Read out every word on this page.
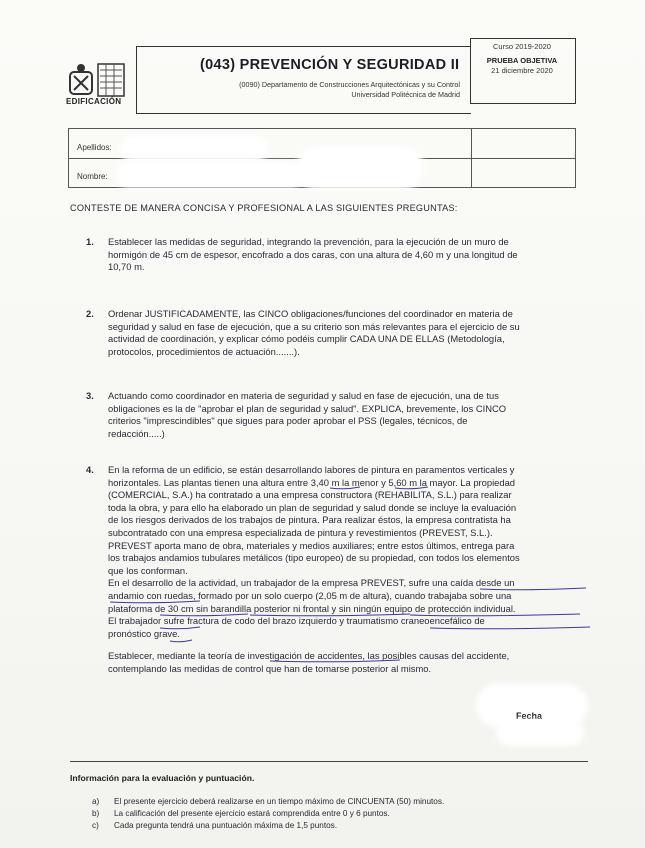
EDIFICACIÓN
(043) PREVENCIÓN Y SEGURIDAD II
(0090) Departamento de Construcciones Arquitectónicas y su Control
Universidad Politécnica de Madrid
Curso 2019-2020
PRUEBA OBJETIVA
21 diciembre 2020
Apellidos:
Nombre:
CONTESTE DE MANERA CONCISA Y PROFESIONAL A LAS SIGUIENTES PREGUNTAS:
1. Establecer las medidas de seguridad, integrando la prevención, para la ejecución de un muro de
hormigón de 45 cm de espesor, encofrado a dos caras, con una altura de 4,60 m y una longitud de
10,70 m.
2. Ordenar JUSTIFICADAMENTE, las CINCO obligaciones/funciones del coordinador en materia de
seguridad y salud en fase de ejecución, que a su criterio son más relevantes para el ejercicio de su
actividad de coordinación, y explicar cómo podéis cumplir CADA UNA DE ELLAS (Metodología,
protocolos, procedimientos de actuación.......).
3. Actuando como coordinador en materia de seguridad y salud en fase de ejecución, una de tus
obligaciones es la de "aprobar el plan de seguridad y salud". EXPLICA, brevemente, los CINCO
criterios "imprescindibles" que sigues para poder aprobar el PSS (legales, técnicos, de
redacción.....)
4. En la reforma de un edificio, se están desarrollando labores de pintura en paramentos verticales y
horizontales. Las plantas tienen una altura entre 3,40 m la menor y 5,60 m la mayor. La propiedad
(COMERCIAL, S.A.) ha contratado a una empresa constructora (REHABILITA, S.L.) para realizar
toda la obra, y para ello ha elaborado un plan de seguridad y salud donde se incluye la evaluación
de los riesgos derivados de los trabajos de pintura. Para realizar éstos, la empresa contratista ha
subcontratado con una empresa especializada de pintura y revestimientos (PREVEST, S.L.).
PREVEST aporta mano de obra, materiales y medios auxiliares; entre estos últimos, entrega para
los trabajos andamios tubulares metálicos (tipo europeo) de su propiedad, con todos los elementos
que los conforman.
En el desarrollo de la actividad, un trabajador de la empresa PREVEST, sufre una caída desde un
andamio con ruedas, formado por un solo cuerpo (2,05 m de altura), cuando trabajaba sobre una
plataforma de 30 cm sin barandilla posterior ni frontal y sin ningún equipo de protección individual.
El trabajador sufre fractura de codo del brazo izquierdo y traumatismo craneoencefálico de
pronóstico grave.
Establecer, mediante la teoría de investigación de accidentes, las posibles causas del accidente,
contemplando las medidas de control que han de tomarse posterior al mismo.
Fecha
Información para la evaluación y puntuación.
a) El presente ejercicio deberá realizarse en un tiempo máximo de CINCUENTA (50) minutos.
b) La calificación del presente ejercicio estará comprendida entre 0 y 6 puntos.
c) Cada pregunta tendrá una puntuación máxima de 1,5 puntos.
